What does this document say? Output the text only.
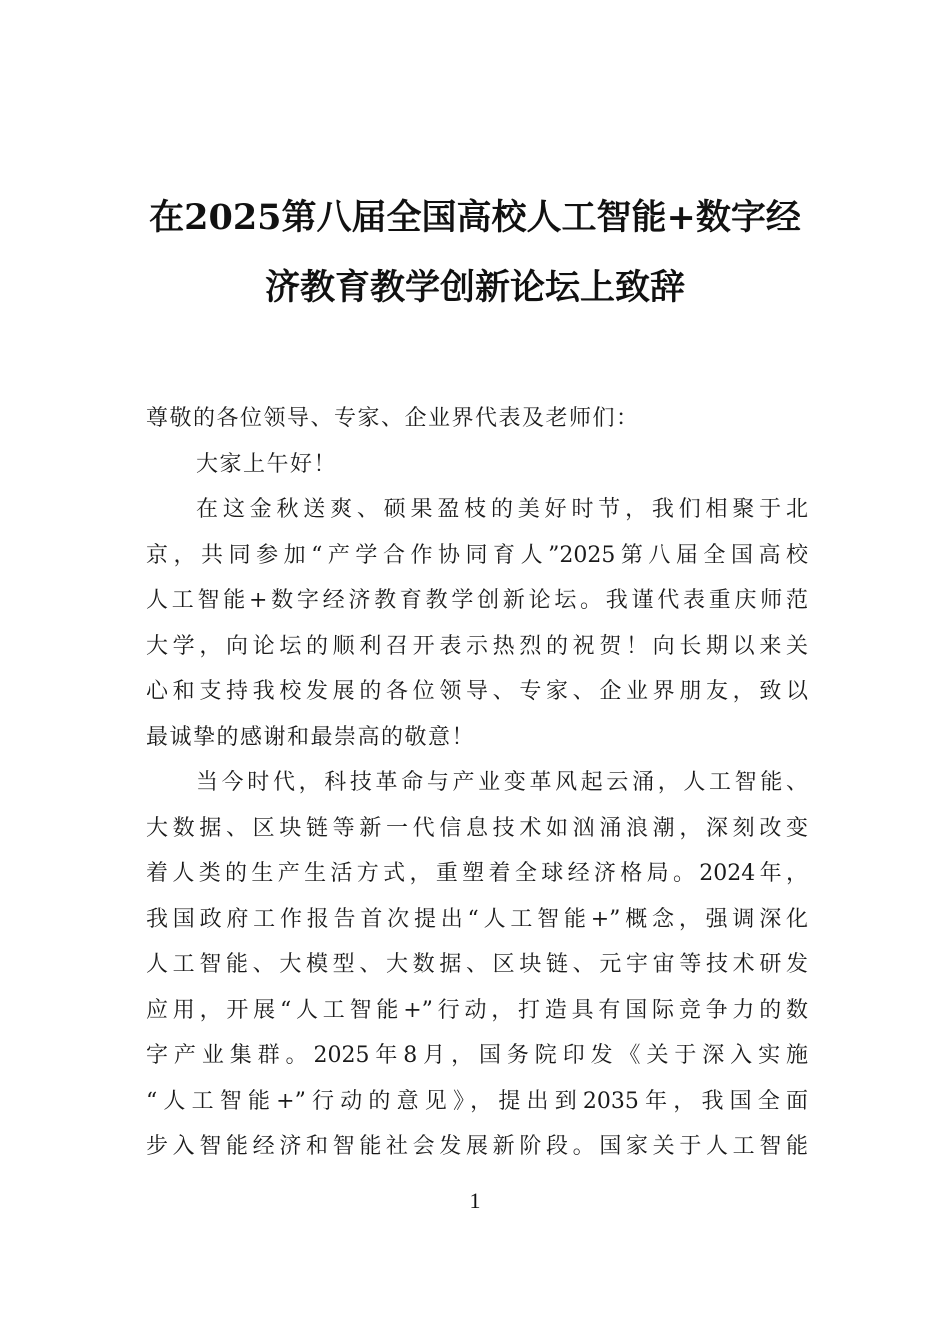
在2025第八届全国高校人工智能+数字经
济教育教学创新论坛上致辞
尊敬的各位领导、专家、企业界代表及老师们：
大家上午好！
在这金秋送爽、硕果盈枝的美好时节，我们相聚于北
京，共同参加“产学合作协同育人”2025第八届全国高校
人工智能+数字经济教育教学创新论坛。我谨代表重庆师范
大学，向论坛的顺利召开表示热烈的祝贺！向长期以来关
心和支持我校发展的各位领导、专家、企业界朋友，致以
最诚挚的感谢和最崇高的敬意！
当今时代，科技革命与产业变革风起云涌，人工智能、
大数据、区块链等新一代信息技术如汹涌浪潮，深刻改变
着人类的生产生活方式，重塑着全球经济格局。2024年，
我国政府工作报告首次提出“人工智能+”概念，强调深化
人工智能、大模型、大数据、区块链、元宇宙等技术研发
应用，开展“人工智能+”行动，打造具有国际竞争力的数
字产业集群。2025年8月，国务院印发《关于深入实施
“人工智能+”行动的意见》，提出到2035年，我国全面
步入智能经济和智能社会发展新阶段。国家关于人工智能
1
